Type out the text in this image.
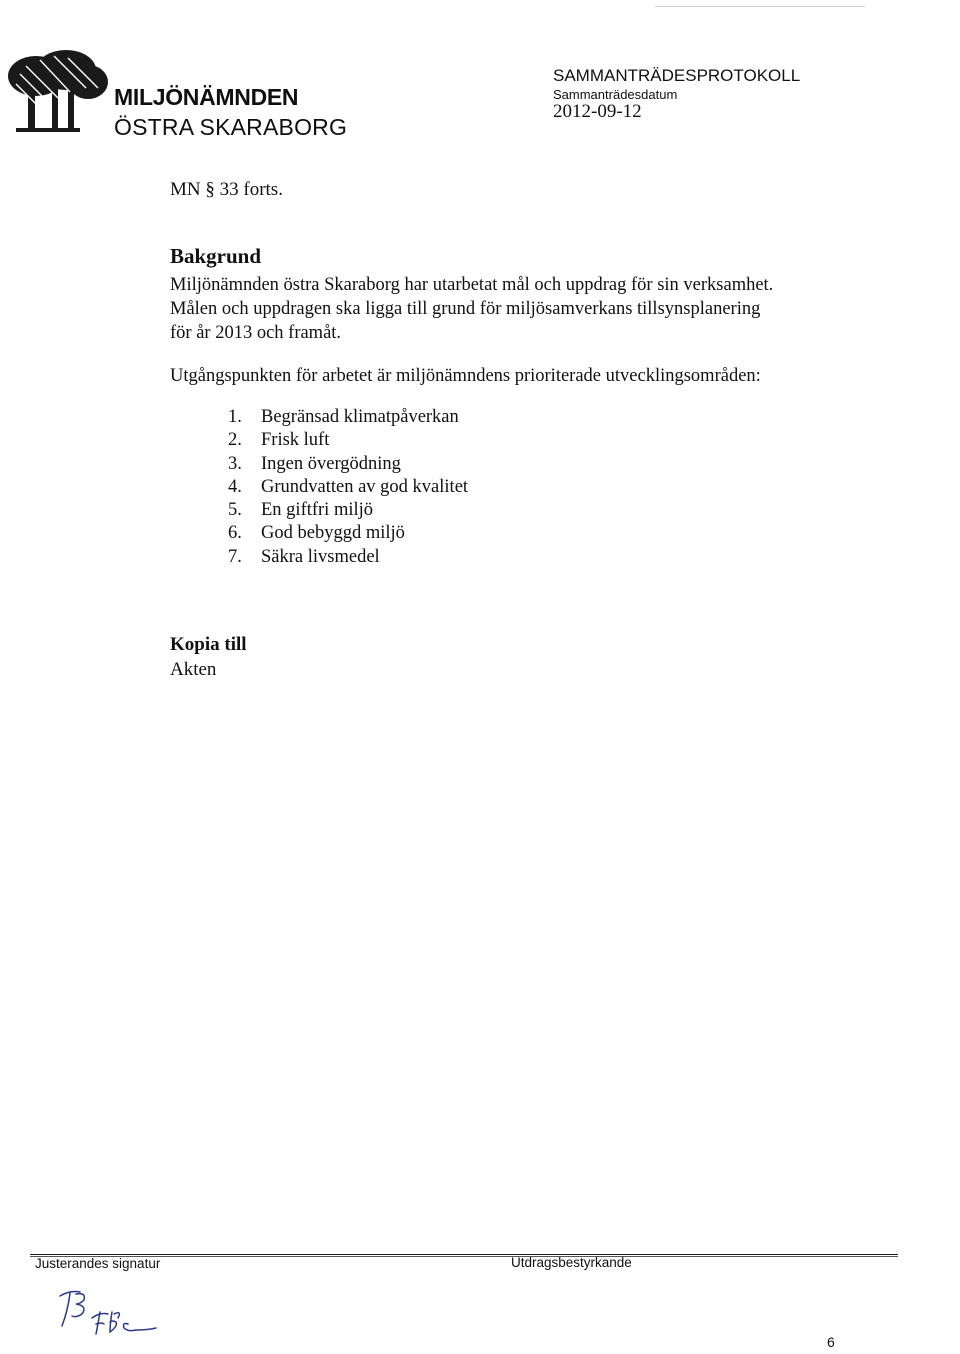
MILJÖNÄMNDEN
ÖSTRA SKARABORG
SAMMANTRÄDESPROTOKOLL
Sammanträdesdatum
2012-09-12
MN § 33 forts.
Bakgrund
Miljönämnden östra Skaraborg har utarbetat mål och uppdrag för sin verksamhet.
Målen och uppdragen ska ligga till grund för miljösamverkans tillsynsplanering
för år 2013 och framåt.
Utgångspunkten för arbetet är miljönämndens prioriterade utvecklingsområden:
1.	Begränsad klimatpåverkan
2.	Frisk luft
3.	Ingen övergödning
4.	Grundvatten av god kvalitet
5.	En giftfri miljö
6.	God bebyggd miljö
7.	Säkra livsmedel
Kopia till
Akten
Justerandes signatur	Utdragsbestyrkande
6
